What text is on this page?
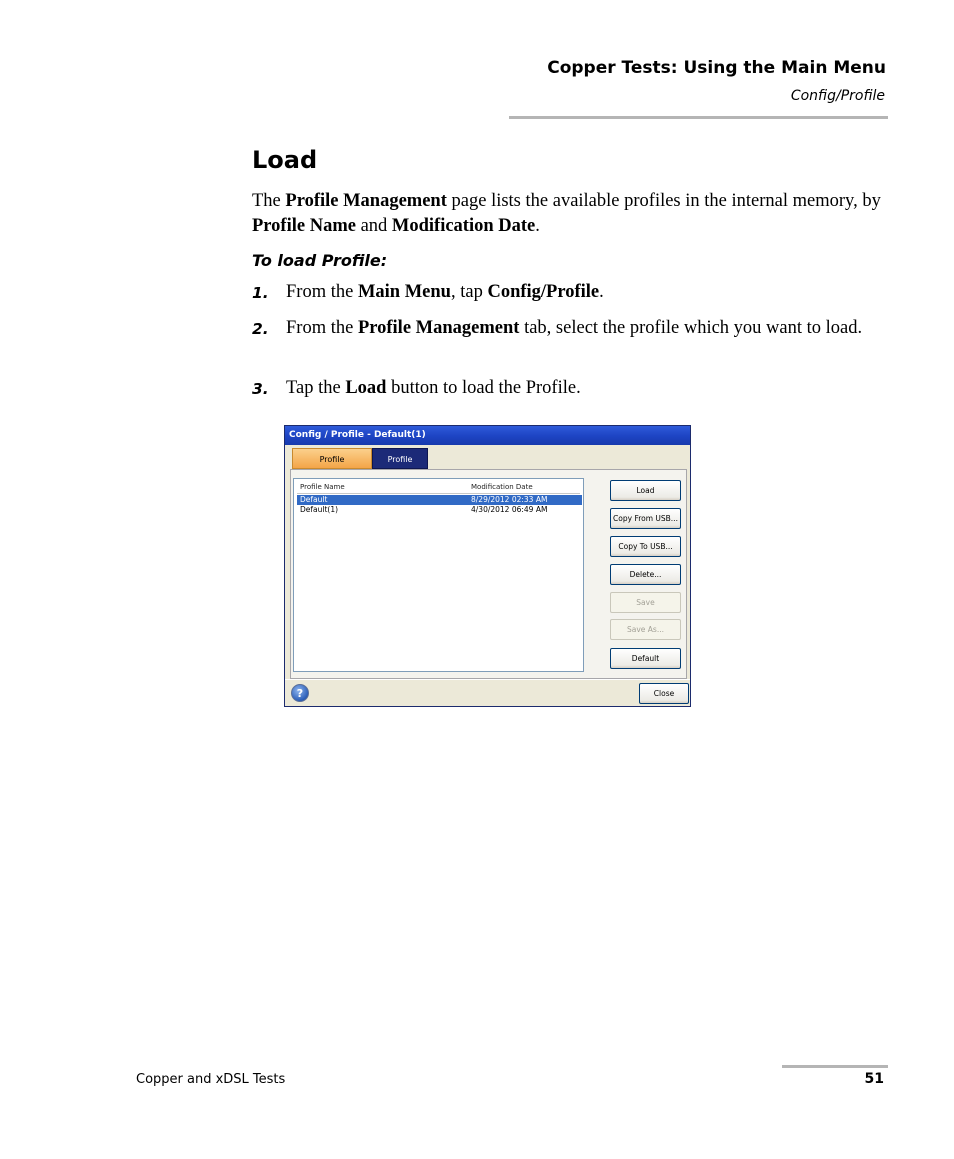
Copper Tests: Using the Main Menu
Config/Profile
Load
The Profile Management page lists the available profiles in the internal memory, by Profile Name and Modification Date.
To load Profile:
1. From the Main Menu, tap Config/Profile.
2. From the Profile Management tab, select the profile which you want to load.
3. Tap the Load button to load the Profile.
Config / Profile - Default(1)
Profile	Profile
Profile Name	Modification Date
Default	8/29/2012 02:33 AM
Default(1)	4/30/2012 06:49 AM
Load
Copy From USB...
Copy To USB...
Delete...
Save
Save As...
Default
?	Close
Copper and xDSL Tests	51
